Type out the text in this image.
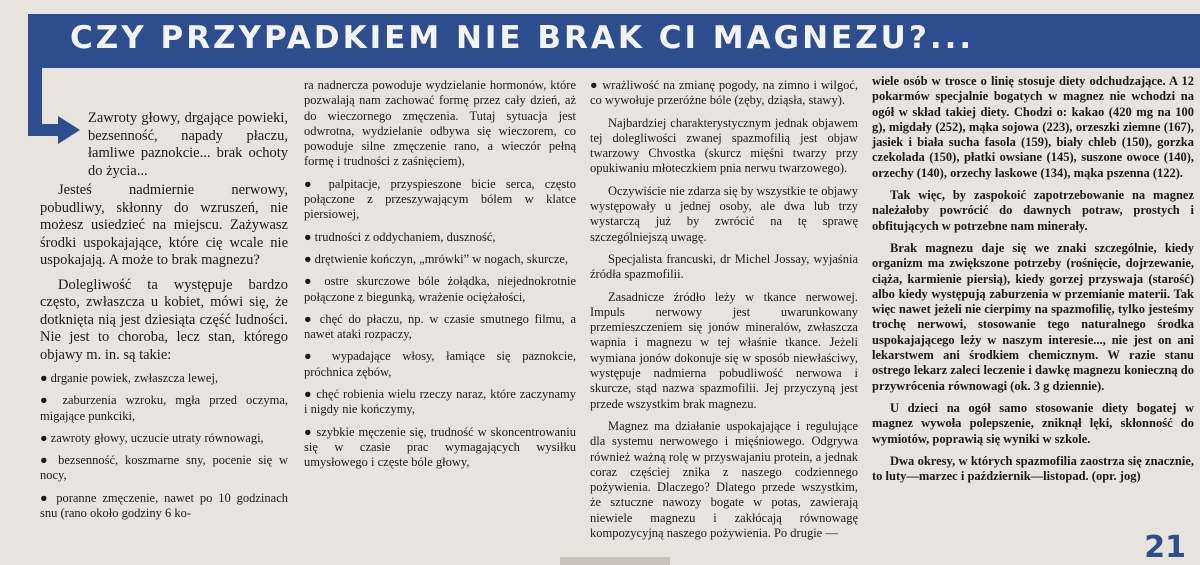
CZY PRZYPADKIEM NIE BRAK CI MAGNEZU?...
Zawroty głowy, drgające powieki, bezsenność, napady płaczu, łamliwe paznokcie... brak ochoty do życia...

Jesteś nadmiernie nerwowy, pobudliwy, skłonny do wzruszeń, nie możesz usiedzieć na miejscu. Zażywasz środki uspokajające, które cię wcale nie uspokajają. A może to brak magnezu?

Dolegliwość ta występuje bardzo często, zwłaszcza u kobiet, mówi się, że dotknięta nią jest dziesiąta część ludności. Nie jest to choroba, lecz stan, którego objawy m. in. są takie:

● drganie powiek, zwłaszcza lewej,

● zaburzenia wzroku, mgła przed oczyma, migające punkciki,

● zawroty głowy, uczucie utraty równowagi,

● bezsenność, koszmarne sny, pocenie się w nocy,

● poranne zmęczenie, nawet po 10 godzinach snu (rano około godziny 6 ko-

ra nadnercza powoduje wydzielanie hormonów, które pozwalają nam zachować formę przez cały dzień, aż do wieczornego zmęczenia. Tutaj sytuacja jest odwrotna, wydzielanie odbywa się wieczorem, co powoduje silne zmęczenie rano, a wieczór pełną formę i trudności z zaśnięciem),

● palpitacje, przyspieszone bicie serca, często połączone z przeszywającym bólem w klatce piersiowej,

● trudności z oddychaniem, duszność,

● drętwienie kończyn, „mrówki” w nogach, skurcze,

● ostre skurczowe bóle żołądka, niejednokrotnie połączone z biegunką, wrażenie ociężałości,

● chęć do płaczu, np. w czasie smutnego filmu, a nawet ataki rozpaczy,

● wypadające włosy, łamiące się paznokcie, próchnica zębów,

● chęć robienia wielu rzeczy naraz, które zaczynamy i nigdy nie kończymy,

● szybkie męczenie się, trudność w skoncentrowaniu się w czasie prac wymagających wysiłku umysłowego i częste bóle głowy,

● wrażliwość na zmianę pogody, na zimno i wilgoć, co wywołuje przeróżne bóle (zęby, dziąsła, stawy).

Najbardziej charakterystycznym jednak objawem tej dolegliwości zwanej spazmofilią jest objaw twarzowy Chvostka (skurcz mięśni twarzy przy opukiwaniu młoteczkiem pnia nerwu twarzowego).

Oczywiście nie zdarza się by wszystkie te objawy występowały u jednej osoby, ale dwa lub trzy wystarczą już by zwrócić na tę sprawę szczególniejszą uwagę.

Specjalista francuski, dr Michel Jossay, wyjaśnia źródła spazmofilii.

Zasadnicze źródło leży w tkance nerwowej. Impuls nerwowy jest uwarunkowany przemieszczeniem się jonów mineralów, zwłaszcza wapnia i magnezu w tej właśnie tkance. Jeżeli wymiana jonów dokonuje się w sposób niewłaściwy, występuje nadmierna pobudliwość nerwowa i skurcze, stąd nazwa spazmofilii. Jej przyczyną jest przede wszystkim brak magnezu.

Magnez ma działanie uspokajające i regulujące dla systemu nerwowego i mięśniowego. Odgrywa również ważną rolę w przyswajaniu protein, a jednak coraz częściej znika z naszego codziennego pożywienia. Dlaczego? Dlatego przede wszystkim, że sztuczne nawozy bogate w potas, zawierają niewiele magnezu i zakłócają równowagę kompozycyjną naszego pożywienia. Po drugie —

wiele osób w trosce o linię stosuje diety odchudzające. A 12 pokarmów specjalnie bogatych w magnez nie wchodzi na ogół w skład takiej diety. Chodzi o: kakao (420 mg na 100 g), migdały (252), mąka sojowa (223), orzeszki ziemne (167), jasiek i biała sucha fasola (159), biały chleb (150), gorzka czekolada (150), płatki owsiane (145), suszone owoce (140), orzechy (140), orzechy laskowe (134), mąka pszenna (122).

Tak więc, by zaspokoić zapotrzebowanie na magnez należałoby powrócić do dawnych potraw, prostych i obfitujących w potrzebne nam minerały.

Brak magnezu daje się we znaki szczególnie, kiedy organizm ma zwiększone potrzeby (rośnięcie, dojrzewanie, ciąża, karmienie piersią), kiedy gorzej przyswaja (starość) albo kiedy występują zaburzenia w przemianie materii. Tak więc nawet jeżeli nie cierpimy na spazmofilię, tylko jesteśmy trochę nerwowi, stosowanie tego naturalnego środka uspokajającego leży w naszym interesie..., nie jest on ani lekarstwem ani środkiem chemicznym. W razie stanu ostrego lekarz zaleci leczenie i dawkę magnezu konieczną do przywrócenia równowagi (ok. 3 g dziennie).

U dzieci na ogół samo stosowanie diety bogatej w magnez wywoła polepszenie, zniknął lęki, skłonność do wymiotów, poprawią się wyniki w szkole.

Dwa okresy, w których spazmofilia zaostrza się znacznie, to luty—marzec i październik—listopad. (opr. jog)

21
